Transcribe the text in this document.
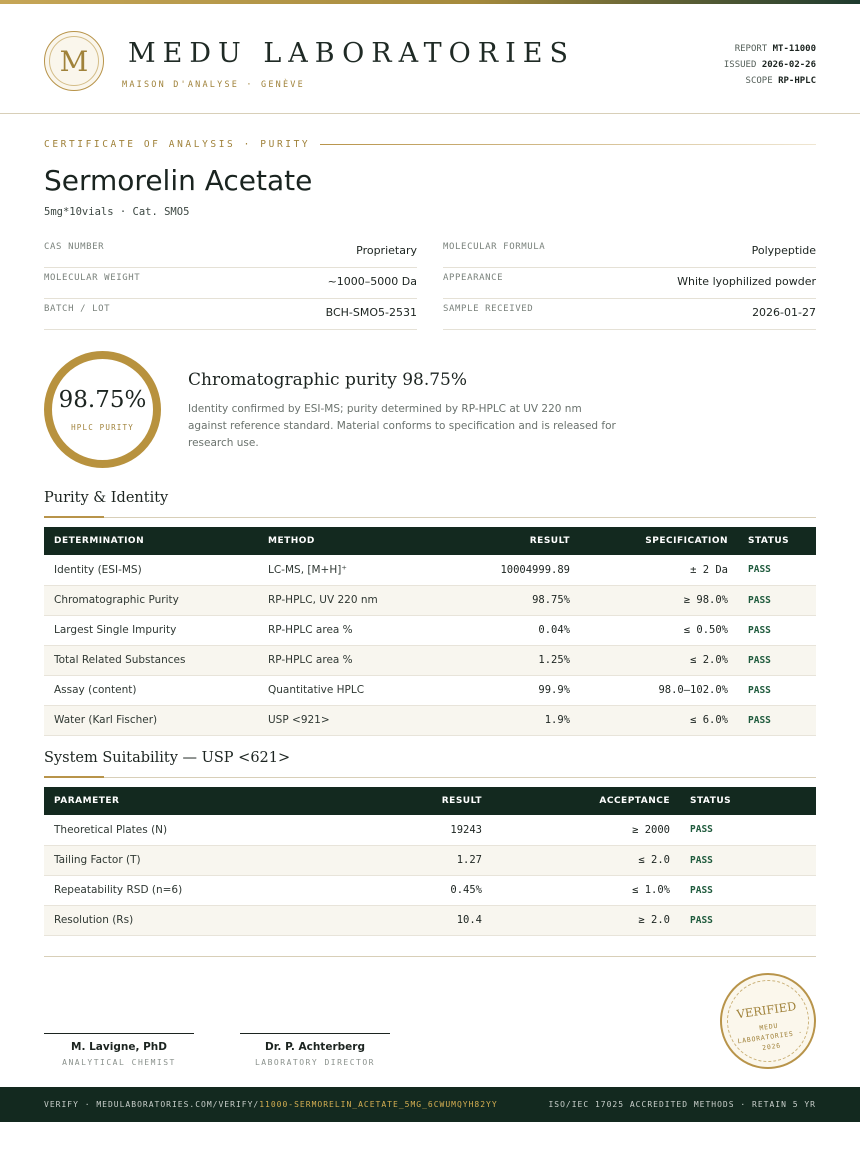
M	MEDU LABORATORIES
MAISON D'ANALYSE · GENÈVE
REPORT MT-11000
ISSUED 2026-02-26
SCOPE RP-HPLC
CERTIFICATE OF ANALYSIS · PURITY
Sermorelin Acetate
5mg*10vials · Cat. SMO5
CAS NUMBER	Proprietary	MOLECULAR FORMULA	Polypeptide
MOLECULAR WEIGHT	~1000–5000 Da	APPEARANCE	White lyophilized powder
BATCH / LOT	BCH-SMO5-2531	SAMPLE RECEIVED	2026-01-27
98.75%
HPLC PURITY
Chromatographic purity 98.75%
Identity confirmed by ESI-MS; purity determined by RP-HPLC at UV 220 nm against reference standard. Material conforms to specification and is released for research use.
Purity & Identity
DETERMINATION	METHOD	RESULT	SPECIFICATION	STATUS
Identity (ESI-MS)	LC-MS, [M+H]⁺	10004999.89	± 2 Da	PASS
Chromatographic Purity	RP-HPLC, UV 220 nm	98.75%	≥ 98.0%	PASS
Largest Single Impurity	RP-HPLC area %	0.04%	≤ 0.50%	PASS
Total Related Substances	RP-HPLC area %	1.25%	≤ 2.0%	PASS
Assay (content)	Quantitative HPLC	99.9%	98.0–102.0%	PASS
Water (Karl Fischer)	USP <921>	1.9%	≤ 6.0%	PASS
System Suitability — USP <621>
PARAMETER	RESULT	ACCEPTANCE	STATUS
Theoretical Plates (N)	19243	≥ 2000	PASS
Tailing Factor (T)	1.27	≤ 2.0	PASS
Repeatability RSD (n=6)	0.45%	≤ 1.0%	PASS
Resolution (Rs)	10.4	≥ 2.0	PASS
M. Lavigne, PhD
ANALYTICAL CHEMIST
Dr. P. Achterberg
LABORATORY DIRECTOR
VERIFIED
MEDU LABORATORIES · 2026
VERIFY · MEDULABORATORIES.COM/VERIFY/11000-SERMORELIN_ACETATE_5MG_6CWUMQYH82YY	ISO/IEC 17025 ACCREDITED METHODS · RETAIN 5 YR
